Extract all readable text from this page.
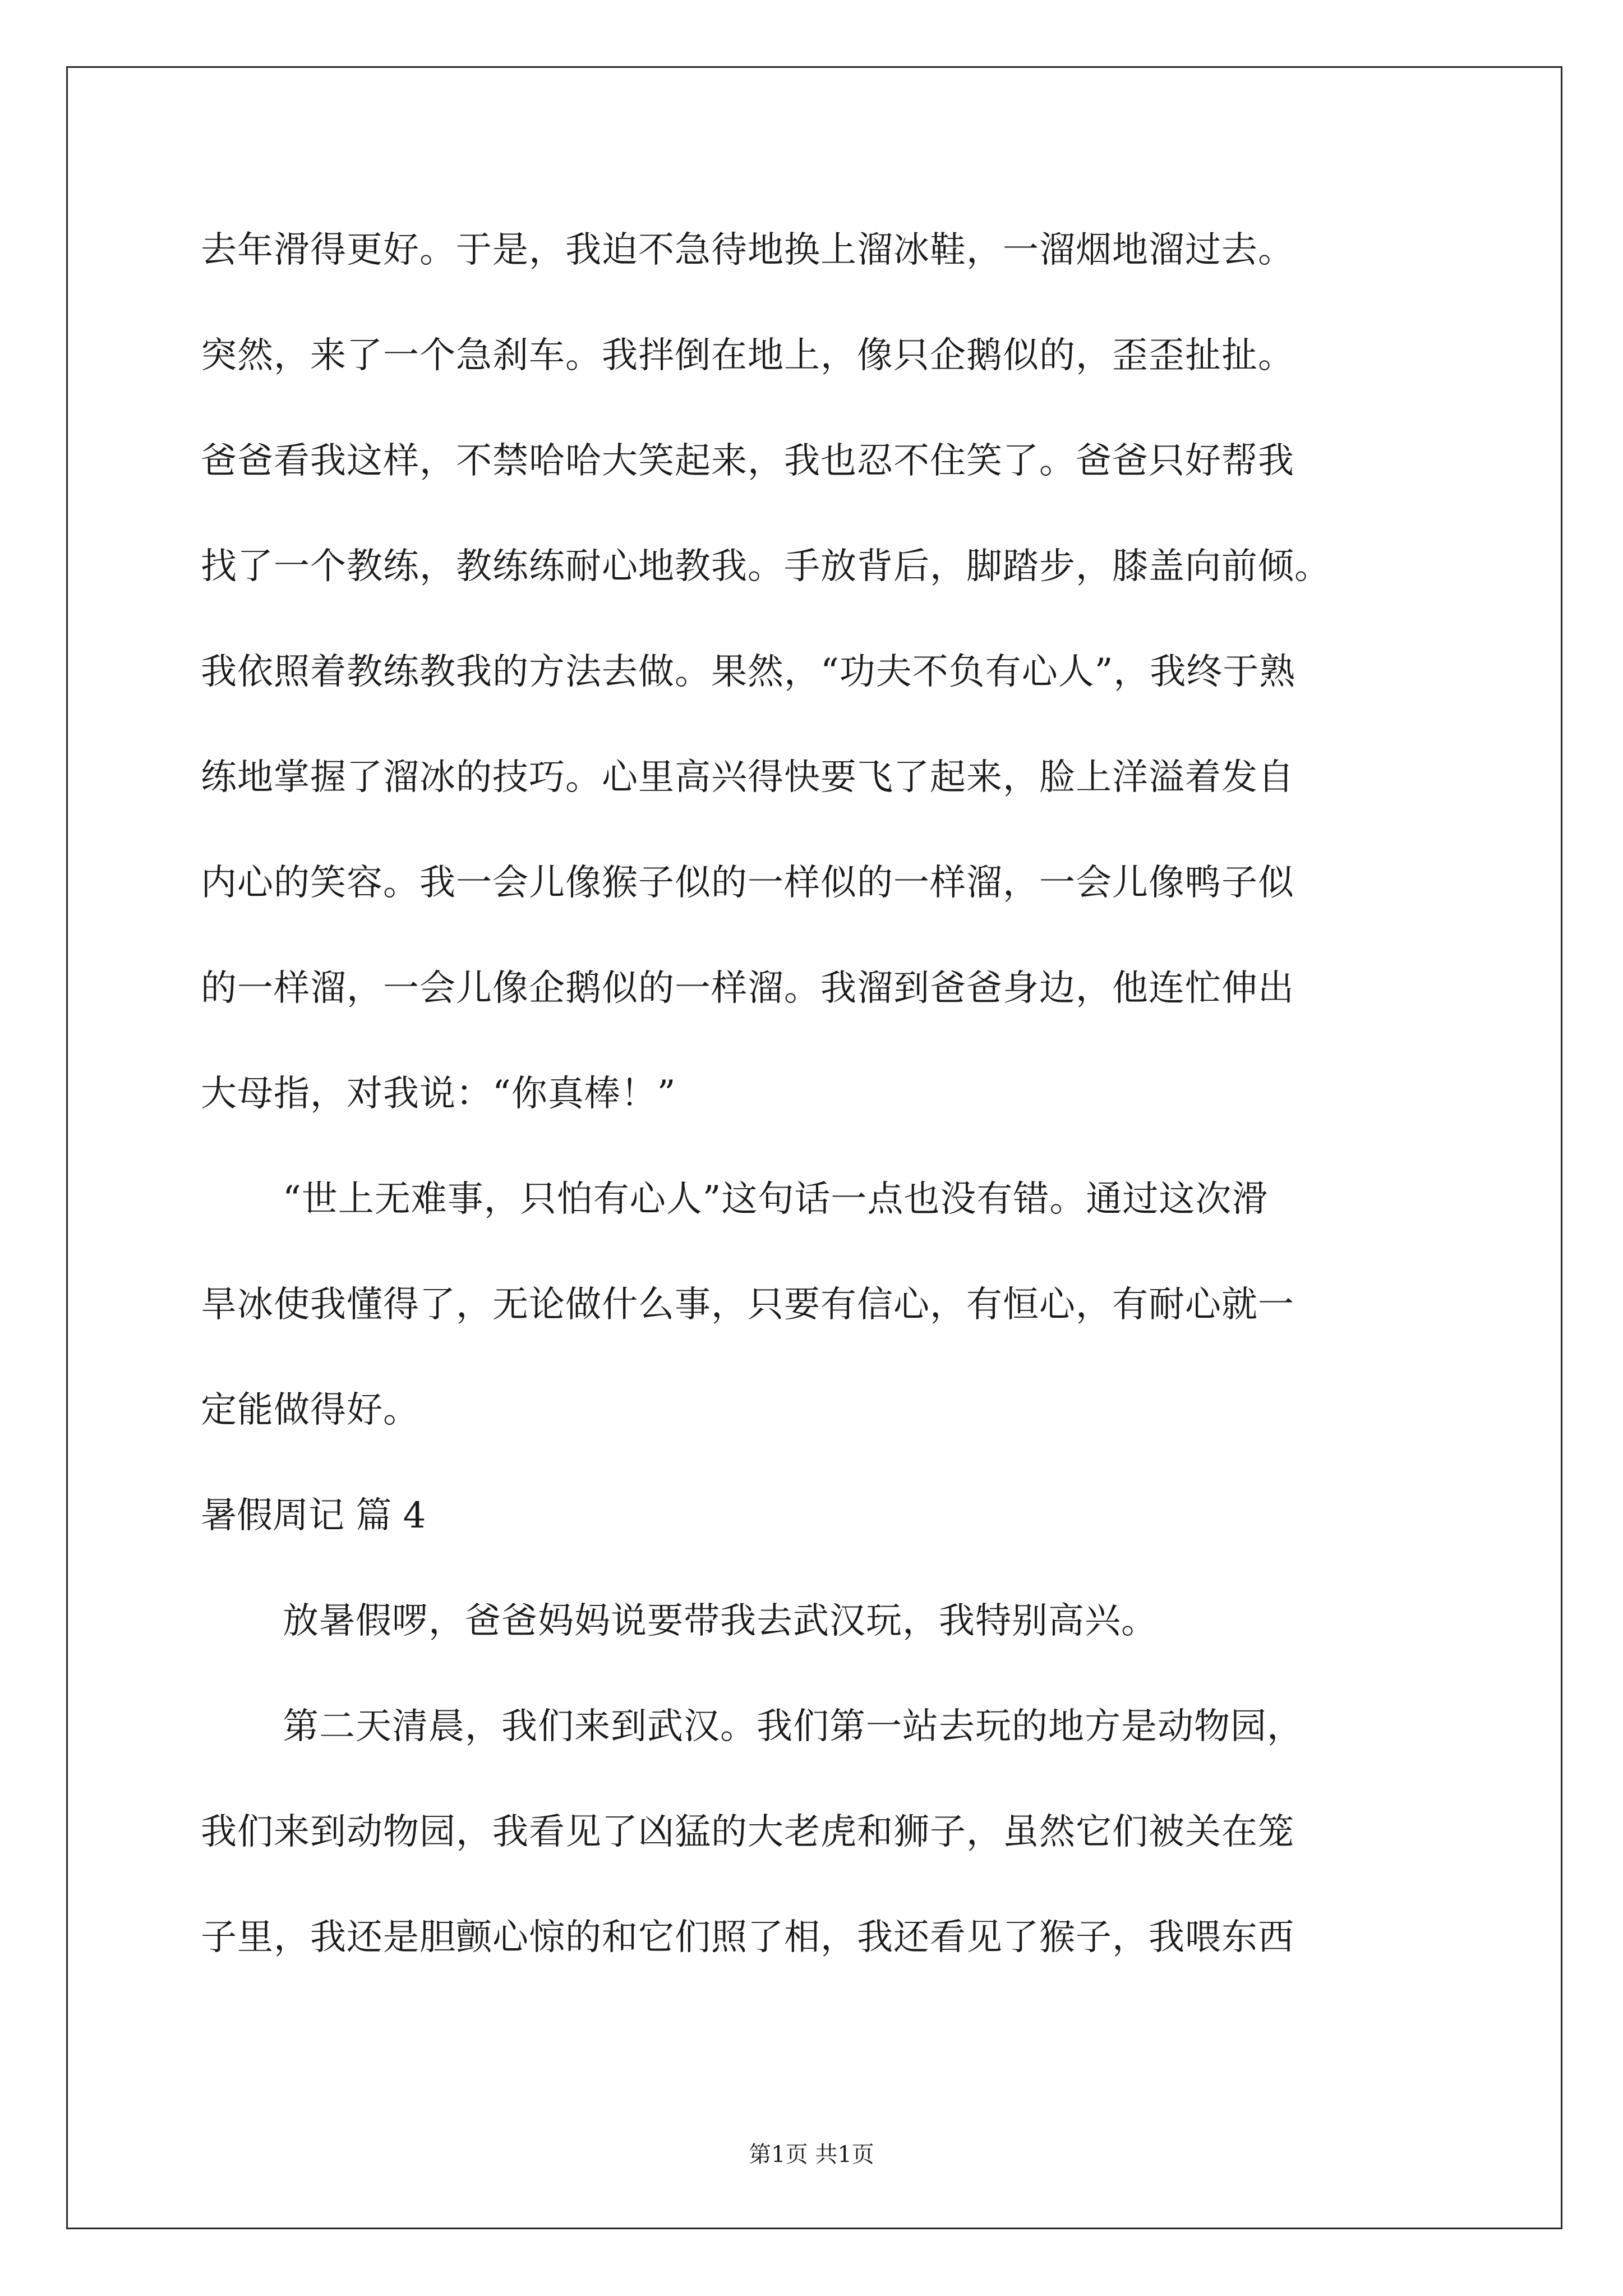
去年滑得更好。于是，我迫不急待地换上溜冰鞋，一溜烟地溜过去。
突然，来了一个急刹车。我拌倒在地上，像只企鹅似的，歪歪扯扯。
爸爸看我这样，不禁哈哈大笑起来，我也忍不住笑了。爸爸只好帮我
找了一个教练，教练练耐心地教我。手放背后，脚踏步，膝盖向前倾。
我依照着教练教我的方法去做。果然，“功夫不负有心人”，我终于熟
练地掌握了溜冰的技巧。心里高兴得快要飞了起来，脸上洋溢着发自
内心的笑容。我一会儿像猴子似的一样似的一样溜，一会儿像鸭子似
的一样溜，一会儿像企鹅似的一样溜。我溜到爸爸身边，他连忙伸出
大母指，对我说：“你真棒！”
“世上无难事，只怕有心人”这句话一点也没有错。通过这次滑
旱冰使我懂得了，无论做什么事，只要有信心，有恒心，有耐心就一
定能做得好。
暑假周记 篇 4
放暑假啰，爸爸妈妈说要带我去武汉玩，我特别高兴。
第二天清晨，我们来到武汉。我们第一站去玩的地方是动物园，
我们来到动物园，我看见了凶猛的大老虎和狮子，虽然它们被关在笼
子里，我还是胆颤心惊的和它们照了相，我还看见了猴子，我喂东西
第1页 共1页
